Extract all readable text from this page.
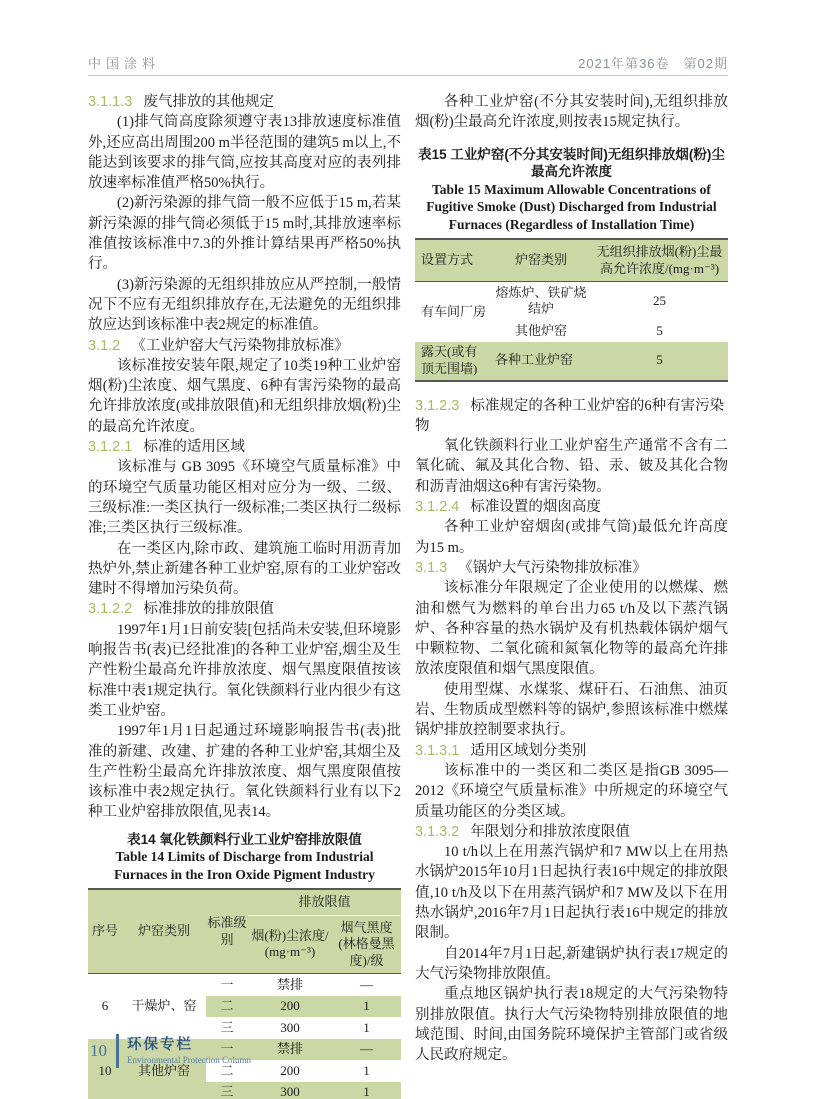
中国涂料	2021年第36卷　第02期
3.1.1.3 废气排放的其他规定

(1)排气筒高度除须遵守表13排放速度标准值外,还应高出周围200 m半径范围的建筑5 m以上,不能达到该要求的排气筒,应按其高度对应的表列排放速率标准值严格50%执行。

(2)新污染源的排气筒一般不应低于15 m,若某新污染源的排气筒必须低于15 m时,其排放速率标准值按该标准中7.3的外推计算结果再严格50%执行。

(3)新污染源的无组织排放应从严控制,一般情况下不应有无组织排放存在,无法避免的无组织排放应达到该标准中表2规定的标准值。

3.1.2 《工业炉窑大气污染物排放标准》

该标准按安装年限,规定了10类19种工业炉窑烟(粉)尘浓度、烟气黑度、6种有害污染物的最高允许排放浓度(或排放限值)和无组织排放烟(粉)尘的最高允许浓度。

3.1.2.1 标准的适用区域

该标准与 GB 3095《环境空气质量标准》中的环境空气质量功能区相对应分为一级、二级、三级标准:一类区执行一级标准;二类区执行二级标准;三类区执行三级标准。

在一类区内,除市政、建筑施工临时用沥青加热炉外,禁止新建各种工业炉窑,原有的工业炉窑改建时不得增加污染负荷。

3.1.2.2 标准排放的排放限值

1997年1月1日前安装[包括尚未安装,但环境影响报告书(表)已经批准]的各种工业炉窑,烟尘及生产性粉尘最高允许排放浓度、烟气黑度限值按该标准中表1规定执行。氧化铁颜料行业内很少有这类工业炉窑。

1997年1月1日起通过环境影响报告书(表)批准的新建、改建、扩建的各种工业炉窑,其烟尘及生产性粉尘最高允许排放浓度、烟气黑度限值按该标准中表2规定执行。氧化铁颜料行业有以下2种工业炉窑排放限值,见表14。

表14 氧化铁颜料行业工业炉窑排放限值
Table 14 Limits of Discharge from Industrial Furnaces in the Iron Oxide Pigment Industry
序号	炉窑类别	标准级别	排放限值	
			烟(粉)尘浓度/ (mg·m⁻³)	烟气黑度(林格曼黑度)/级
6	干燥炉、窑	一	禁排	—
		二	200	1
		三	300	1
10	其他炉窑	一	禁排	—
		二	200	1
		三	300	1

各种工业炉窑(不分其安装时间),无组织排放烟(粉)尘最高允许浓度,则按表15规定执行。

表15 工业炉窑(不分其安装时间)无组织排放烟(粉)尘最高允许浓度
Table 15 Maximum Allowable Concentrations of Fugitive Smoke (Dust) Discharged from Industrial Furnaces (Regardless of Installation Time)
设置方式	炉窑类别	无组织排放烟(粉)尘最高允许浓度/(mg·m⁻³)
有车间厂房	熔炼炉、铁矿烧结炉	25
	其他炉窑	5
露天(或有顶无围墙)	各种工业炉窑	5
3.1.2.3 标准规定的各种工业炉窑的6种有害污染物

氧化铁颜料行业工业炉窑生产通常不含有二氧化硫、氟及其化合物、铅、汞、铍及其化合物和沥青油烟这6种有害污染物。

3.1.2.4 标准设置的烟囱高度

各种工业炉窑烟囱(或排气筒)最低允许高度为15 m。

3.1.3 《锅炉大气污染物排放标准》

该标准分年限规定了企业使用的以燃煤、燃油和燃气为燃料的单台出力65 t/h及以下蒸汽锅炉、各种容量的热水锅炉及有机热载体锅炉烟气中颗粒物、二氧化硫和氮氧化物等的最高允许排放浓度限值和烟气黑度限值。

使用型煤、水煤浆、煤矸石、石油焦、油页岩、生物质成型燃料等的锅炉,参照该标准中燃煤锅炉排放控制要求执行。

3.1.3.1 适用区域划分类别

该标准中的一类区和二类区是指GB 3095—2012《环境空气质量标准》中所规定的环境空气质量功能区的分类区域。

3.1.3.2 年限划分和排放浓度限值

10 t/h以上在用蒸汽锅炉和7 MW以上在用热水锅炉2015年10月1日起执行表16中规定的排放限值,10 t/h及以下在用蒸汽锅炉和7 MW及以下在用热水锅炉,2016年7月1日起执行表16中规定的排放限制。

自2014年7月1日起,新建锅炉执行表17规定的大气污染物排放限值。

重点地区锅炉执行表18规定的大气污染物特别排放限值。执行大气污染物特别排放限值的地域范围、时间,由国务院环境保护主管部门或省级人民政府规定。

10 环保专栏
Environmental Protection Column
